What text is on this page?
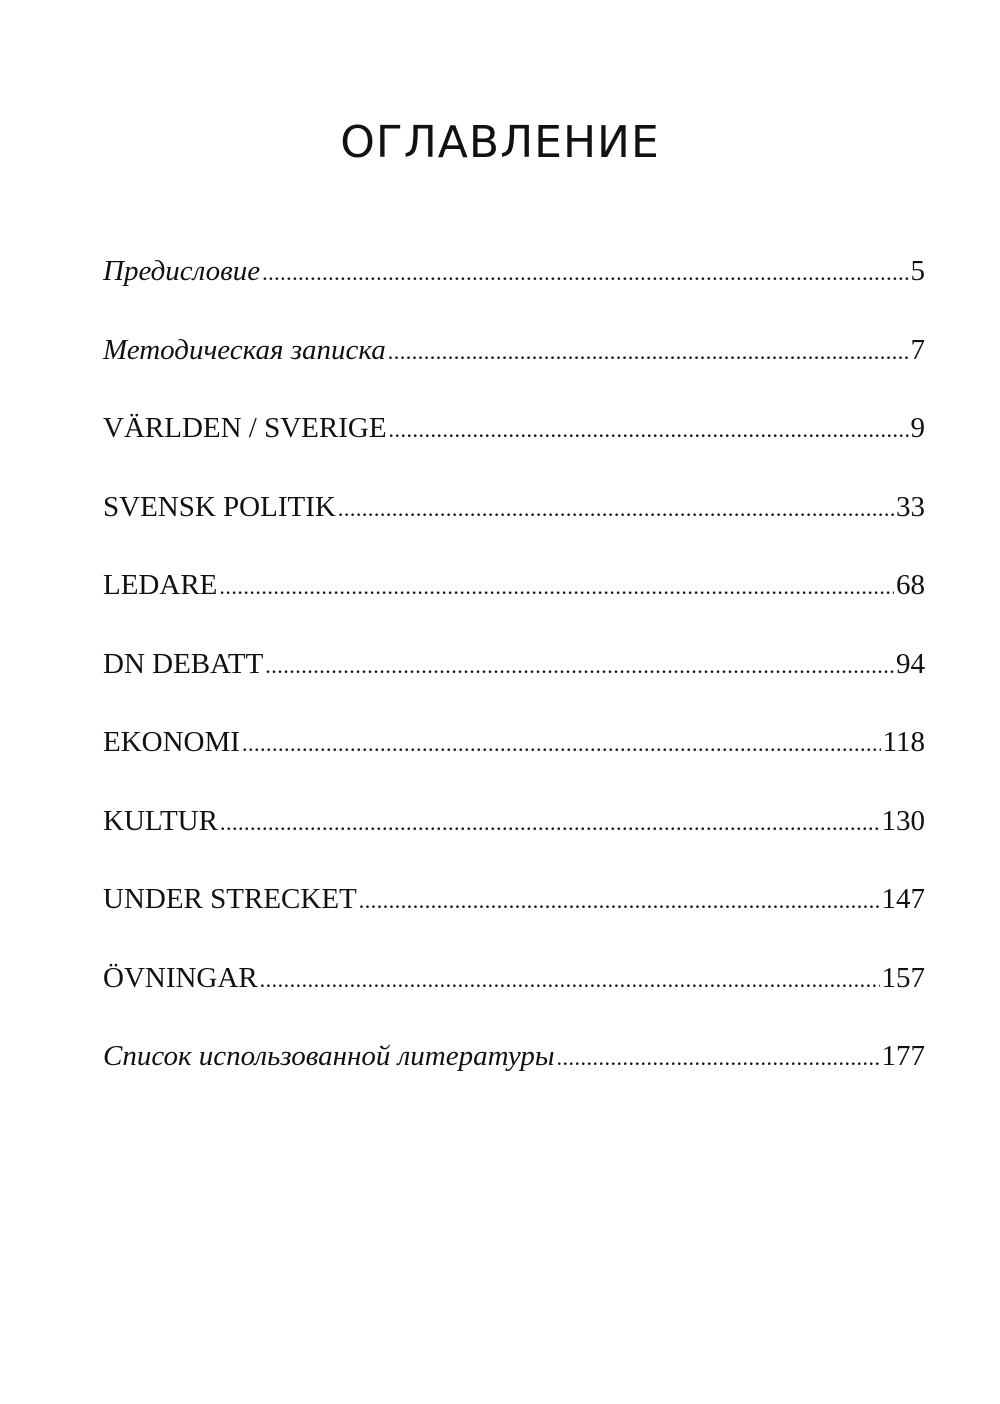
ОГЛАВЛЕНИЕ
Предисловие .....	5
Методическая записка .....	7
VÄRLDEN / SVERIGE .....	9
SVENSK POLITIK .....	33
LEDARE .....	68
DN DEBATT .....	94
EKONOMI .....	118
KULTUR .....	130
UNDER STRECKET .....	147
ÖVNINGAR .....	157
Список использованной литературы .....	177
